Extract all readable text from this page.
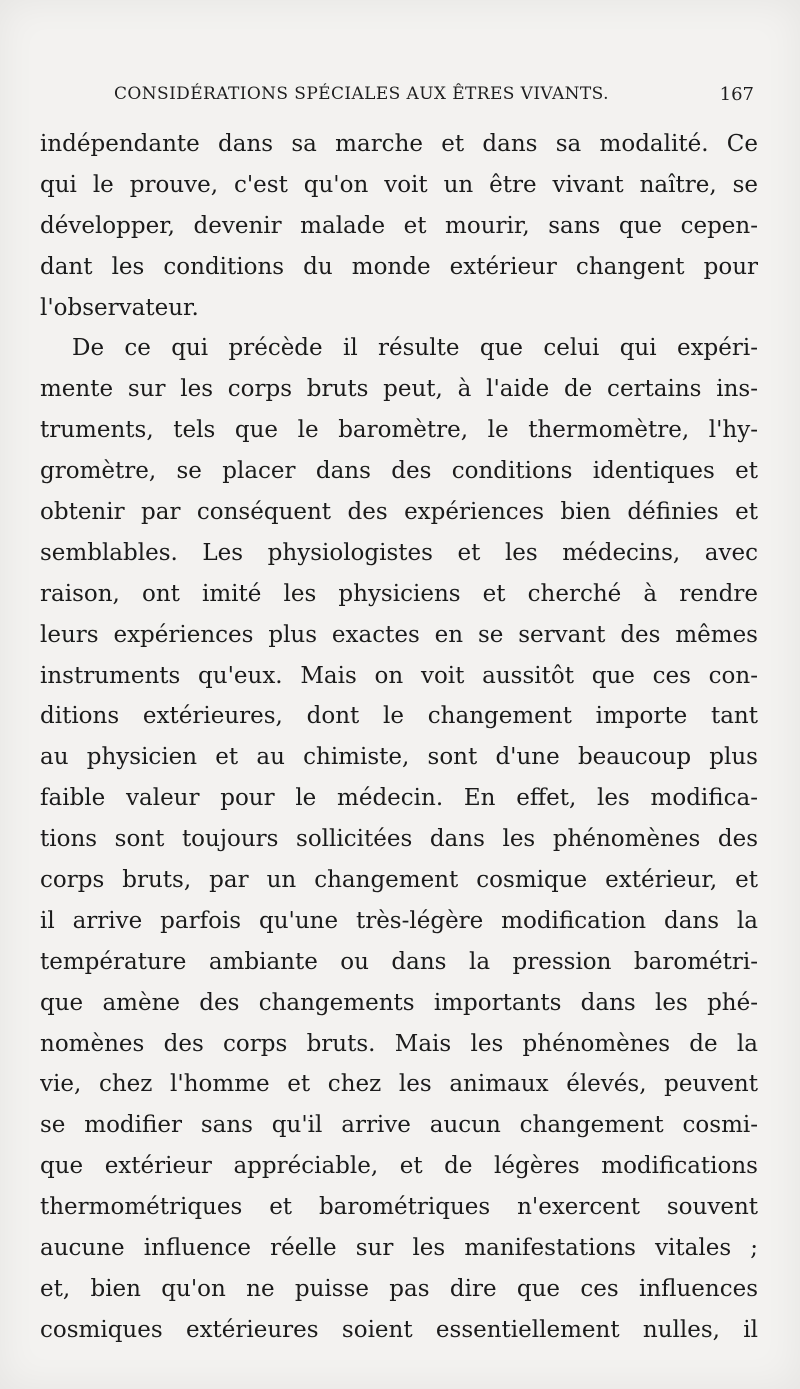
CONSIDÉRATIONS SPÉCIALES AUX ÊTRES VIVANTS.	167
indépendante dans sa marche et dans sa modalité. Ce
qui le prouve, c'est qu'on voit un être vivant naître, se
développer, devenir malade et mourir, sans que cepen-
dant les conditions du monde extérieur changent pour
l'observateur.
De ce qui précède il résulte que celui qui expéri-
mente sur les corps bruts peut, à l'aide de certains ins-
truments, tels que le baromètre, le thermomètre, l'hy-
gromètre, se placer dans des conditions identiques et
obtenir par conséquent des expériences bien définies et
semblables. Les physiologistes et les médecins, avec
raison, ont imité les physiciens et cherché à rendre
leurs expériences plus exactes en se servant des mêmes
instruments qu'eux. Mais on voit aussitôt que ces con-
ditions extérieures, dont le changement importe tant
au physicien et au chimiste, sont d'une beaucoup plus
faible valeur pour le médecin. En effet, les modifica-
tions sont toujours sollicitées dans les phénomènes des
corps bruts, par un changement cosmique extérieur, et
il arrive parfois qu'une très-légère modification dans la
température ambiante ou dans la pression barométri-
que amène des changements importants dans les phé-
nomènes des corps bruts. Mais les phénomènes de la
vie, chez l'homme et chez les animaux élevés, peuvent
se modifier sans qu'il arrive aucun changement cosmi-
que extérieur appréciable, et de légères modifications
thermométriques et barométriques n'exercent souvent
aucune influence réelle sur les manifestations vitales ;
et, bien qu'on ne puisse pas dire que ces influences
cosmiques extérieures soient essentiellement nulles, il
